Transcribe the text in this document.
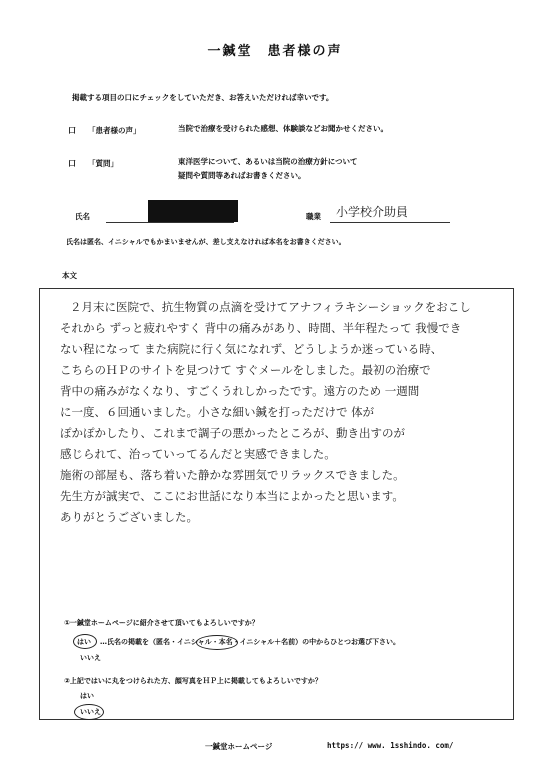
一鍼堂　患者様の声
掲載する項目の口にチェックをしていただき、お答えいただければ幸いです。
口 「患者様の声」	当院で治療を受けられた感想、体験談などお聞かせください。
口 「質問」	東洋医学について、あるいは当院の治療方針について
疑問や質問等あればお書きください。
氏名	職業 小学校介助員
氏名は匿名、イニシャルでもかまいませんが、差し支えなければ本名をお書きください。
本文
２月末に医院で、抗生物質の点滴を受けてアナフィラキシーショックをおこし
それから ずっと疲れやすく 背中の痛みがあり、時間、半年程たって 我慢でき
ない程になって また病院に行く気になれず、どうしようか迷っている時、
こちらのＨＰのサイトを見つけて すぐメールをしました。最初の治療で
背中の痛みがなくなり、すごくうれしかったです。遠方のため 一週間
に一度、６回通いました。小さな細い鍼を打っただけで 体が
ぽかぽかしたり、これまで調子の悪かったところが、動き出すのが
感じられて、治っていってるんだと実感できました。
施術の部屋も、落ち着いた静かな雰囲気でリラックスできました。
先生方が誠実で、ここにお世話になり本当によかったと思います。
ありがとうございました。
①一鍼堂ホームページに紹介させて頂いてもよろしいですか？
はい …氏名の掲載を（匿名・イニシャル・本名・イニシャル＋名前）の中からひとつお選び下さい。
いいえ
②上記ではいに丸をつけられた方、顔写真をＨＰ上に掲載してもよろしいですか？
はい
いいえ
一鍼堂ホームページ	https:// www. 1sshindo. com/
